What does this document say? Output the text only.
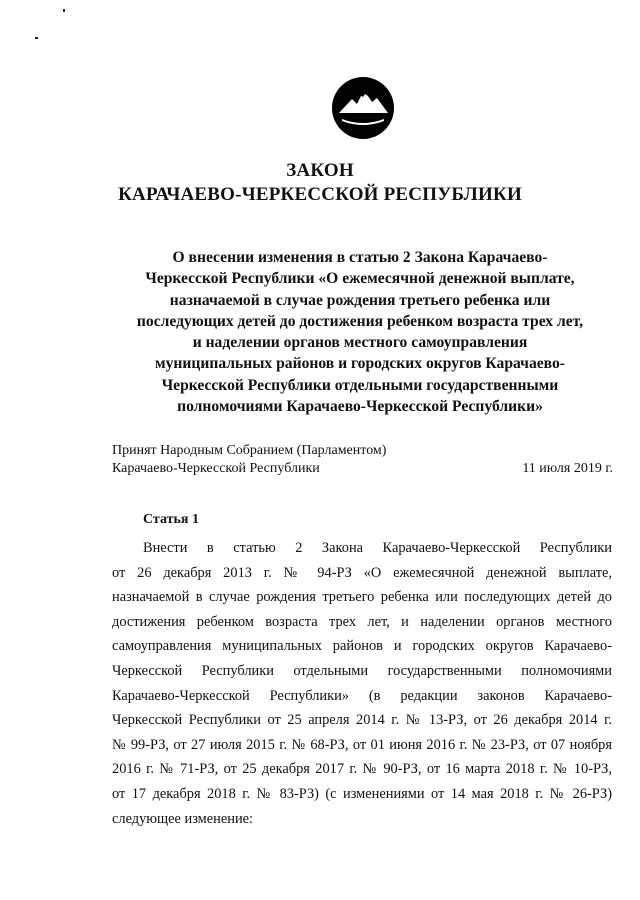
ЗАКОН
КАРАЧАЕВО-ЧЕРКЕССКОЙ РЕСПУБЛИКИ
О внесении изменения в статью 2 Закона Карачаево-
Черкесской Республики «О ежемесячной денежной выплате,
назначаемой в случае рождения третьего ребенка или
последующих детей до достижения ребенком возраста трех лет,
и наделении органов местного самоуправления
муниципальных районов и городских округов Карачаево-
Черкесской Республики отдельными государственными
полномочиями Карачаево-Черкесской Республики»
Принят Народным Собранием (Парламентом)
Карачаево-Черкесской Республики	11 июля 2019 г.
Статья 1
Внести в статью 2 Закона Карачаево-Черкесской Республики
от 26 декабря 2013 г. № 94-РЗ «О ежемесячной денежной выплате,
назначаемой в случае рождения третьего ребенка или последующих детей до
достижения ребенком возраста трех лет, и наделении органов местного
самоуправления муниципальных районов и городских округов Карачаево-
Черкесской Республики отдельными государственными полномочиями
Карачаево-Черкесской Республики» (в редакции законов Карачаево-
Черкесской Республики от 25 апреля 2014 г. № 13-РЗ, от 26 декабря 2014 г.
№ 99-РЗ, от 27 июля 2015 г. № 68-РЗ, от 01 июня 2016 г. № 23-РЗ, от 07 ноября
2016 г. № 71-РЗ, от 25 декабря 2017 г. № 90-РЗ, от 16 марта 2018 г. № 10-РЗ,
от 17 декабря 2018 г. № 83-РЗ) (с изменениями от 14 мая 2018 г. № 26-РЗ)
следующее изменение:
